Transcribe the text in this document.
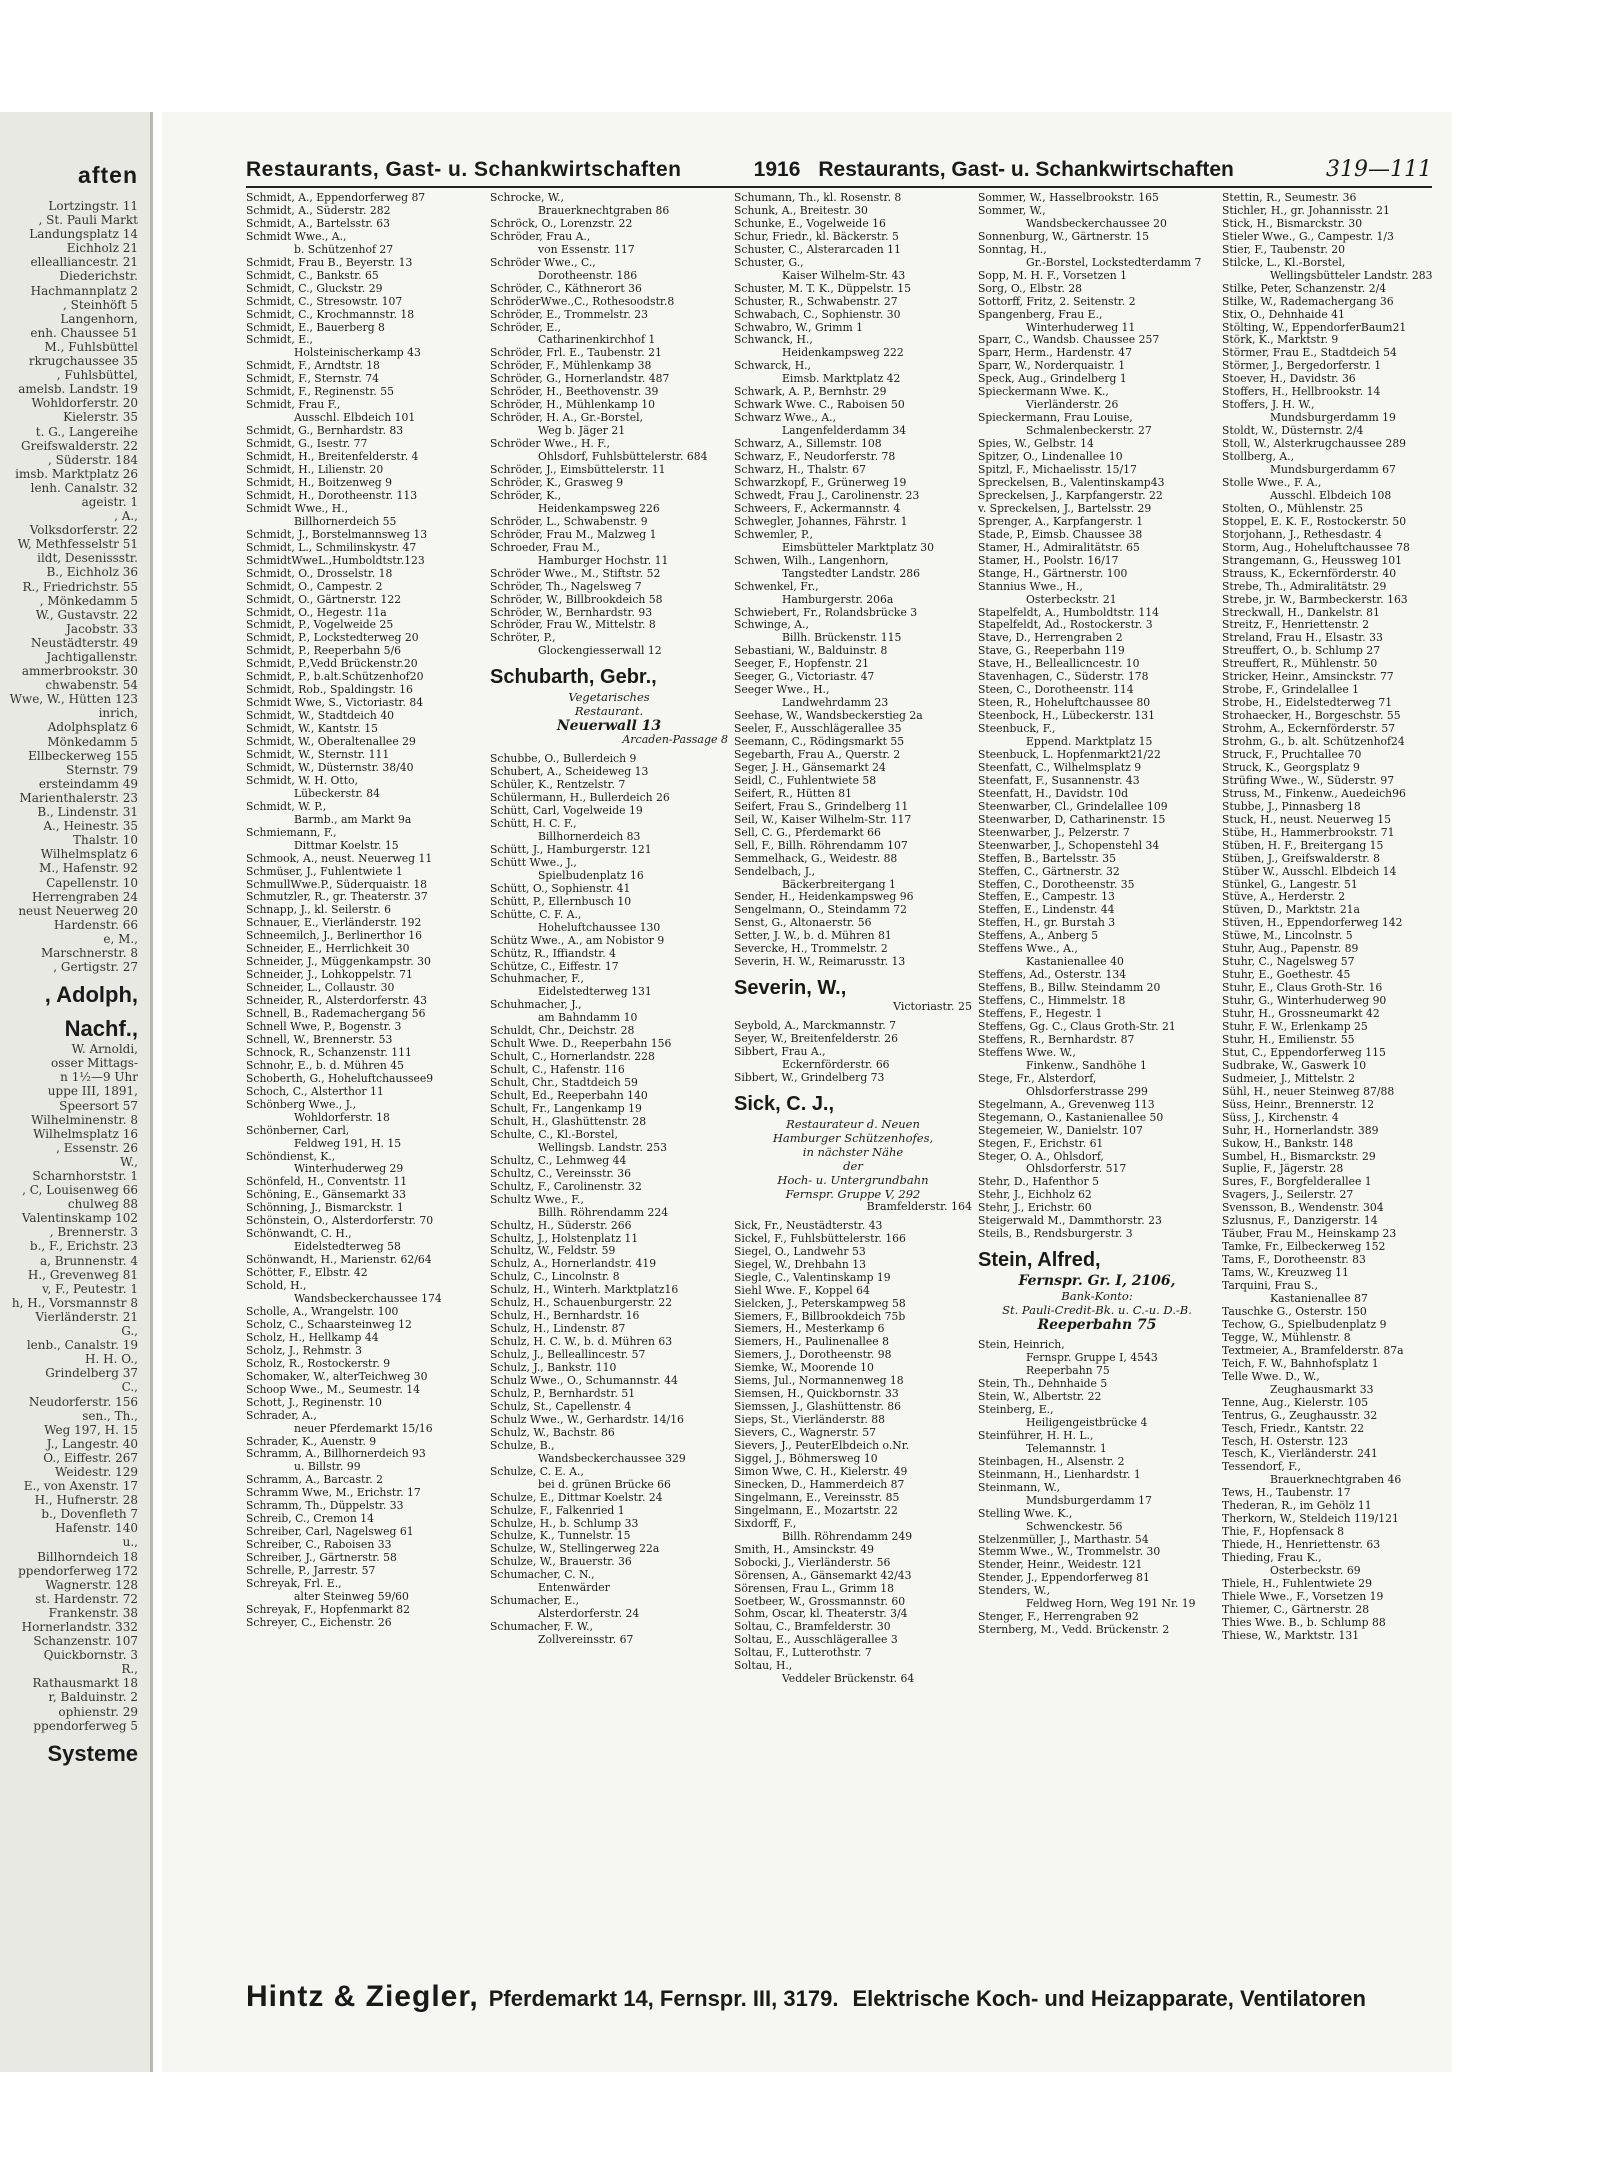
aften
Lortzingstr. 11
, St. Pauli Markt
Landungsplatz 14
Eichholz 21
ellealliancestr. 21
Diederichstr.
Hachmannplatz 2
, Steinhöft 5
Langenhorn,
enh. Chaussee 51
M., Fuhlsbüttel
rkrugchaussee 35
, Fuhlsbüttel,
amelsb. Landstr. 19
Wohldorferstr. 20
Kielerstr. 35
t. G., Langereihe
Greifswalderstr. 22
, Süderstr. 184
imsb. Marktplatz 26
lenh. Canalstr. 32
ageistr. 1
, A.,
Volksdorferstr. 22
W, Methfesselstr 51
ildt, Desenissstr.
B., Eichholz 36
R., Friedrichstr. 55
, Mönkedamm 5
W., Gustavstr. 22
Jacobstr. 33
Neustädterstr. 49
Jachtigallenstr.
ammerbrookstr. 30
chwabenstr. 54
Wwe, W., Hütten 123
inrich,
Adolphsplatz 6
Mönkedamm 5
Ellbeckerweg 155
Sternstr. 79
ersteindamm 49
Marienthalerstr. 23
B., Lindenstr. 31
A., Heinestr. 35
Thalstr. 10
Wilhelmsplatz 6
M., Hafenstr. 92
Capellenstr. 10
Herrengraben 24
neust Neuerweg 20
Hardenstr. 66
e, M.,
Marschnerstr. 8
, Gertigstr. 27
, Adolph,
Nachf.,
W. Arnoldi,
osser Mittags-
n 1½—9 Uhr
uppe III, 1891,
Speersort 57
Wilhelminenstr. 8
Wilhelmsplatz 16
, Essenstr. 26
W.,
Scharnhorststr. 1
, C, Louisenweg 66
chulweg 88
Valentinskamp 102
, Brennerstr. 3
b., F., Erichstr. 23
a, Brunnenstr. 4
H., Grevenweg 81
v, F., Peutestr. 1
h, H., Vorsmannstr 8
Vierländerstr. 21
G.,
lenb., Canalstr. 19
H. H. O.,
Grindelberg 37
C.,
Neudorferstr. 156
sen., Th.,
Weg 197, H. 15
J., Langestr. 40
O., Eiffestr. 267
Weidestr. 129
E., von Axenstr. 17
H., Hufnerstr. 28
b., Dovenfleth 7
Hafenstr. 140
u.,
Billhorndeich 18
ppendorferweg 172
Wagnerstr. 128
st. Hardenstr. 72
Frankenstr. 38
Hornerlandstr. 332
Schanzenstr. 107
Quickbornstr. 3
R.,
Rathausmarkt 18
r, Balduinstr. 2
ophienstr. 29
ppendorferweg 5
Systeme
Restaurants, Gast- u. Schankwirtschaften	1916 Restaurants, Gast- u. Schankwirtschaften	319—111
Schmidt, A., Eppendorferweg 87
Schmidt, A., Süderstr. 282
Schmidt, A., Bartelsstr. 63
Schmidt Wwe., A.,
b. Schützenhof 27
Schmidt, Frau B., Beyerstr. 13
Schmidt, C., Bankstr. 65
Schmidt, C., Gluckstr. 29
Schmidt, C., Stresowstr. 107
Schmidt, C., Krochmannstr. 18
Schmidt, E., Bauerberg 8
Schmidt, E.,
Holsteinischerkamp 43
Schmidt, F., Arndtstr. 18
Schmidt, F., Sternstr. 74
Schmidt, F., Reginenstr. 55
Schmidt, Frau F.,
Ausschl. Elbdeich 101
Schmidt, G., Bernhardstr. 83
Schmidt, G., Isestr. 77
Schmidt, H., Breitenfelderstr. 4
Schmidt, H., Lilienstr. 20
Schmidt, H., Boitzenweg 9
Schmidt, H., Dorotheenstr. 113
Schmidt Wwe., H.,
Billhornerdeich 55
Schmidt, J., Borstelmannsweg 13
Schmidt, L., Schmilinskystr. 47
SchmidtWweL.,Humboldtstr.123
Schmidt, O., Drosselstr. 18
Schmidt, O., Campestr. 2
Schmidt, O., Gärtnerstr. 122
Schmidt, O., Hegestr. 11a
Schmidt, P., Vogelweide 25
Schmidt, P., Lockstedterweg 20
Schmidt, P., Reeperbahn 5/6
Schmidt, P.,Vedd Brückenstr.20
Schmidt, P., b.alt.Schützenhof20
Schmidt, Rob., Spaldingstr. 16
Schmidt Wwe, S., Victoriastr. 84
Schmidt, W., Stadtdeich 40
Schmidt, W., Kantstr. 15
Schmidt, W., Oberaltenallee 29
Schmidt, W., Sternstr. 111
Schmidt, W., Düsternstr. 38/40
Schmidt, W. H. Otto,
Lübeckerstr. 84
Schmidt, W. P.,
Barmb., am Markt 9a
Schmiemann, F.,
Dittmar Koelstr. 15
Schmook, A., neust. Neuerweg 11
Schmüser, J., Fuhlentwiete 1
SchmullWwe.P., Süderquaistr. 18
Schmutzler, R., gr. Theaterstr. 37
Schnapp, J., kl. Seilerstr. 6
Schnauer, E., Vierländerstr. 192
Schneemilch, J., Berlinerthor 16
Schneider, E., Herrlichkeit 30
Schneider, J., Müggenkampstr. 30
Schneider, J., Lohkoppelstr. 71
Schneider, L., Collaustr. 30
Schneider, R., Alsterdorferstr. 43
Schnell, B., Rademachergang 56
Schnell Wwe, P., Bogenstr. 3
Schnell, W., Brennerstr. 53
Schnock, R., Schanzenstr. 111
Schnohr, E., b. d. Mühren 45
Schoberth, G., Hoheluftchaussee9
Schoch, C., Alsterthor 11
Schönberg Wwe., J.,
Wohldorferstr. 18
Schönberner, Carl,
Feldweg 191, H. 15
Schöndienst, K.,
Winterhuderweg 29
Schönfeld, H., Conventstr. 11
Schöning, E., Gänsemarkt 33
Schönning, J., Bismarckstr. 1
Schönstein, O., Alsterdorferstr. 70
Schönwandt, C. H.,
Eidelstedterweg 58
Schönwandt, H., Marienstr. 62/64
Schötter, F., Elbstr. 42
Schold, H.,
Wandsbeckerchaussee 174
Scholle, A., Wrangelstr. 100
Scholz, C., Schaarsteinweg 12
Scholz, H., Hellkamp 44
Scholz, J., Rehmstr. 3
Scholz, R., Rostockerstr. 9
Schomaker, W., alterTeichweg 30
Schoop Wwe., M., Seumestr. 14
Schott, J., Reginenstr. 10
Schrader, A.,
neuer Pferdemarkt 15/16
Schrader, K., Auenstr. 9
Schramm, A., Billhornerdeich 93
u. Billstr. 99
Schramm, A., Barcastr. 2
Schramm Wwe, M., Erichstr. 17
Schramm, Th., Düppelstr. 33
Schreib, C., Cremon 14
Schreiber, Carl, Nagelsweg 61
Schreiber, C., Raboisen 33
Schreiber, J., Gärtnerstr. 58
Schrelle, P., Jarrestr. 57
Schreyak, Frl. E.,
alter Steinweg 59/60
Schreyak, F., Hopfenmarkt 82
Schreyer, C., Eichenstr. 26
Schrocke, W.,
Brauerknechtgraben 86
Schröck, O., Lorenzstr. 22
Schröder, Frau A.,
von Essenstr. 117
Schröder Wwe., C.,
Dorotheenstr. 186
Schröder, C., Käthnerort 36
SchröderWwe.,C., Rothesoodstr.8
Schröder, E., Trommelstr. 23
Schröder, E.,
Catharinenkirchhof 1
Schröder, Frl. E., Taubenstr. 21
Schröder, F., Mühlenkamp 38
Schröder, G., Hornerlandstr. 487
Schröder, H., Beethovenstr. 39
Schröder, H., Mühlenkamp 10
Schröder, H. A., Gr.-Borstel,
Weg b. Jäger 21
Schröder Wwe., H. F.,
Ohlsdorf, Fuhlsbüttelerstr. 684
Schröder, J., Eimsbüttelerstr. 11
Schröder, K., Grasweg 9
Schröder, K.,
Heidenkampsweg 226
Schröder, L., Schwabenstr. 9
Schröder, Frau M., Malzweg 1
Schroeder, Frau M.,
Hamburger Hochstr. 11
Schröder Wwe., M., Stiftstr. 52
Schröder, Th., Nagelsweg 7
Schröder, W., Billbrookdeich 58
Schröder, W., Bernhardstr. 93
Schröder, Frau W., Mittelstr. 8
Schröter, P.,
Glockengiesserwall 12
Schubarth, Gebr.,
Vegetarisches
Restaurant.
Neuerwall 13
Arcaden-Passage 8
Schubbe, O., Bullerdeich 9
Schubert, A., Scheideweg 13
Schüler, K., Rentzelstr. 7
Schülermann, H., Bullerdeich 26
Schütt, Carl, Vogelweide 19
Schütt, H. C. F.,
Billhornerdeich 83
Schütt, J., Hamburgerstr. 121
Schütt Wwe., J.,
Spielbudenplatz 16
Schütt, O., Sophienstr. 41
Schütt, P., Ellernbusch 10
Schütte, C. F. A.,
Hoheluftchaussee 130
Schütz Wwe., A., am Nobistor 9
Schütz, R., Iffiandstr. 4
Schütze, C., Eiffestr. 17
Schuhmacher, F.,
Eidelstedterweg 131
Schuhmacher, J.,
am Bahndamm 10
Schuldt, Chr., Deichstr. 28
Schult Wwe. D., Reeperbahn 156
Schult, C., Hornerlandstr. 228
Schult, C., Hafenstr. 116
Schult, Chr., Stadtdeich 59
Schult, Ed., Reeperbahn 140
Schult, Fr., Langenkamp 19
Schult, H., Glashüttenstr. 28
Schulte, C., Kl.-Borstel,
Wellingsb. Landstr. 253
Schultz, C., Lehmweg 44
Schultz, C., Vereinsstr. 36
Schultz, F., Carolinenstr. 32
Schultz Wwe., F.,
Billh. Röhrendamm 224
Schultz, H., Süderstr. 266
Schultz, J., Holstenplatz 11
Schultz, W., Feldstr. 59
Schulz, A., Hornerlandstr. 419
Schulz, C., Lincolnstr. 8
Schulz, H., Winterh. Marktplatz16
Schulz, H., Schauenburgerstr. 22
Schulz, H., Bernhardstr. 16
Schulz, H., Lindenstr. 87
Schulz, H. C. W., b. d. Mühren 63
Schulz, J., Belleallincestr. 57
Schulz, J., Bankstr. 110
Schulz Wwe., O., Schumannstr. 44
Schulz, P., Bernhardstr. 51
Schulz, St., Capellenstr. 4
Schulz Wwe., W., Gerhardstr. 14/16
Schulz, W., Bachstr. 86
Schulze, B.,
Wandsbeckerchaussee 329
Schulze, C. E. A.,
bei d. grünen Brücke 66
Schulze, E., Dittmar Koelstr. 24
Schulze, F., Falkenried 1
Schulze, H., b. Schlump 33
Schulze, K., Tunnelstr. 15
Schulze, W., Stellingerweg 22a
Schulze, W., Brauerstr. 36
Schumacher, C. N.,
Entenwärder
Schumacher, E.,
Alsterdorferstr. 24
Schumacher, F. W.,
Zollvereinsstr. 67
Schumann, Th., kl. Rosenstr. 8
Schunk, A., Breitestr. 30
Schunke, E., Vogelweide 16
Schur, Friedr., kl. Bäckerstr. 5
Schuster, C., Alsterarcaden 11
Schuster, G.,
Kaiser Wilhelm-Str. 43
Schuster, M. T. K., Düppelstr. 15
Schuster, R., Schwabenstr. 27
Schwabach, C., Sophienstr. 30
Schwabro, W., Grimm 1
Schwanck, H.,
Heidenkampsweg 222
Schwarck, H.,
Eimsb. Marktplatz 42
Schwark, A. P., Bernhstr. 29
Schwark Wwe. C., Raboisen 50
Schwarz Wwe., A.,
Langenfelderdamm 34
Schwarz, A., Sillemstr. 108
Schwarz, F., Neudorferstr. 78
Schwarz, H., Thalstr. 67
Schwarzkopf, F., Grünerweg 19
Schwedt, Frau J., Carolinenstr. 23
Schweers, F., Ackermannstr. 4
Schwegler, Johannes, Fährstr. 1
Schwemler, P.,
Eimsbütteler Marktplatz 30
Schwen, Wilh., Langenhorn,
Tangstedter Landstr. 286
Schwenkel, Fr.,
Hamburgerstr. 206a
Schwiebert, Fr., Rolandsbrücke 3
Schwinge, A.,
Billh. Brückenstr. 115
Sebastiani, W., Balduinstr. 8
Seeger, F., Hopfenstr. 21
Seeger, G., Victoriastr. 47
Seeger Wwe., H.,
Landwehrdamm 23
Seehase, W., Wandsbeckerstieg 2a
Seeler, F., Ausschlägerallee 35
Seemann, C., Rödingsmarkt 55
Segebarth, Frau A., Querstr. 2
Seger, J. H., Gänsemarkt 24
Seidl, C., Fuhlentwiete 58
Seifert, R., Hütten 81
Seifert, Frau S., Grindelberg 11
Seil, W., Kaiser Wilhelm-Str. 117
Sell, C. G., Pferdemarkt 66
Sell, F., Billh. Röhrendamm 107
Semmelhack, G., Weidestr. 88
Sendelbach, J.,
Bäckerbreitergang 1
Sender, H., Heidenkampsweg 96
Sengelmann, O., Steindamm 72
Senst, G., Altonaerstr. 56
Setter, J. W., b. d. Mühren 81
Severcke, H., Trommelstr. 2
Severin, H. W., Reimarusstr. 13
Severin, W.,
Victoriastr. 25
Seybold, A., Marckmannstr. 7
Seyer, W., Breitenfelderstr. 26
Sibbert, Frau A.,
Eckernförderstr. 66
Sibbert, W., Grindelberg 73
Sick, C. J.,
Restaurateur d. Neuen
Hamburger Schützenhofes,
in nächster Nähe
der
Hoch- u. Untergrundbahn
Fernspr. Gruppe V, 292
Bramfelderstr. 164
Sick, Fr., Neustädterstr. 43
Sickel, F., Fuhlsbüttelerstr. 166
Siegel, O., Landwehr 53
Siegel, W., Drehbahn 13
Siegle, C., Valentinskamp 19
Siehl Wwe. F., Koppel 64
Sielcken, J., Peterskampweg 58
Siemers, F., Billbrookdeich 75b
Siemers, H., Mesterkamp 6
Siemers, H., Paulinenallee 8
Siemers, J., Dorotheenstr. 98
Siemke, W., Moorende 10
Siems, Jul., Normannenweg 18
Siemsen, H., Quickbornstr. 33
Siemssen, J., Glashüttenstr. 86
Sieps, St., Vierländerstr. 88
Sievers, C., Wagnerstr. 57
Sievers, J., PeuterElbdeich o.Nr.
Siggel, J., Böhmersweg 10
Simon Wwe, C. H., Kielerstr. 49
Sinecken, D., Hammerdeich 87
Singelmann, E., Vereinsstr. 85
Singelmann, E., Mozartstr. 22
Sixdorff, F.,
Billh. Röhrendamm 249
Smith, H., Amsinckstr. 49
Sobocki, J., Vierländerstr. 56
Sörensen, A., Gänsemarkt 42/43
Sörensen, Frau L., Grimm 18
Soetbeer, W., Grossmannstr. 60
Sohm, Oscar, kl. Theaterstr. 3/4
Soltau, C., Bramfelderstr. 30
Soltau, E., Ausschlägerallee 3
Soltau, F., Lutterothstr. 7
Soltau, H.,
Veddeler Brückenstr. 64
Sommer, W., Hasselbrookstr. 165
Sommer, W.,
Wandsbeckerchaussee 20
Sonnenburg, W., Gärtnerstr. 15
Sonntag, H.,
Gr.-Borstel, Lockstedterdamm 7
Sopp, M. H. F., Vorsetzen 1
Sorg, O., Elbstr. 28
Sottorff, Fritz, 2. Seitenstr. 2
Spangenberg, Frau E.,
Winterhuderweg 11
Sparr, C., Wandsb. Chaussee 257
Sparr, Herm., Hardenstr. 47
Sparr, W., Norderquaistr. 1
Speck, Aug., Grindelberg 1
Spieckermann Wwe. K.,
Vierländerstr. 26
Spieckermann, Frau Louise,
Schmalenbeckerstr. 27
Spies, W., Gelbstr. 14
Spitzer, O., Lindenallee 10
Spitzl, F., Michaelisstr. 15/17
Spreckelsen, B., Valentinskamp43
Spreckelsen, J., Karpfangerstr. 22
v. Spreckelsen, J., Bartelsstr. 29
Sprenger, A., Karpfangerstr. 1
Stade, P., Eimsb. Chaussee 38
Stamer, H., Admiralitätstr. 65
Stamer, H., Poolstr. 16/17
Stange, H., Gärtnerstr. 100
Stannius Wwe., H.,
Osterbeckstr. 21
Stapelfeldt, A., Humboldtstr. 114
Stapelfeldt, Ad., Rostockerstr. 3
Stave, D., Herrengraben 2
Stave, G., Reeperbahn 119
Stave, H., Belleallicncestr. 10
Stavenhagen, C., Süderstr. 178
Steen, C., Dorotheenstr. 114
Steen, R., Hoheluftchaussee 80
Steenbock, H., Lübeckerstr. 131
Steenbuck, F.,
Eppend. Marktplatz 15
Steenbuck, L. Hopfenmarkt21/22
Steenfatt, C., Wilhelmsplatz 9
Steenfatt, F., Susannenstr. 43
Steenfatt, H., Davidstr. 10d
Steenwarber, Cl., Grindelallee 109
Steenwarber, D, Catharinenstr. 15
Steenwarber, J., Pelzerstr. 7
Steenwarber, J., Schopenstehl 34
Steffen, B., Bartelsstr. 35
Steffen, C., Gärtnerstr. 32
Steffen, C., Dorotheenstr. 35
Steffen, E., Campestr. 13
Steffen, E., Lindenstr. 44
Steffen, H., gr. Burstah 3
Steffens, A., Anberg 5
Steffens Wwe., A.,
Kastanienallee 40
Steffens, Ad., Osterstr. 134
Steffens, B., Billw. Steindamm 20
Steffens, C., Himmelstr. 18
Steffens, F., Hegestr. 1
Steffens, Gg. C., Claus Groth-Str. 21
Steffens, R., Bernhardstr. 87
Steffens Wwe. W.,
Finkenw., Sandhöhe 1
Stege, Fr., Alsterdorf,
Ohlsdorferstrasse 299
Stegelmann, A., Grevenweg 113
Stegemann, O., Kastanienallee 50
Stegemeier, W., Danielstr. 107
Stegen, F., Erichstr. 61
Steger, O. A., Ohlsdorf,
Ohlsdorferstr. 517
Stehr, D., Hafenthor 5
Stehr, J., Eichholz 62
Stehr, J., Erichstr. 60
Steigerwald M., Dammthorstr. 23
Steils, B., Rendsburgerstr. 3
Stein, Alfred,
Fernspr. Gr. I, 2106,
Bank-Konto:
St. Pauli-Credit-Bk. u. C.-u. D.-B.
Reeperbahn 75
Stein, Heinrich,
Fernspr. Gruppe I, 4543
Reeperbahn 75
Stein, Th., Dehnhaide 5
Stein, W., Albertstr. 22
Steinberg, E.,
Heiligengeistbrücke 4
Steinführer, H. H. L.,
Telemannstr. 1
Steinbagen, H., Alsenstr. 2
Steinmann, H., Lienhardstr. 1
Steinmann, W.,
Mundsburgerdamm 17
Stelling Wwe. K.,
Schwenckestr. 56
Stelzenmüller, J., Marthastr. 54
Stemm Wwe., W., Trommelstr. 30
Stender, Heinr., Weidestr. 121
Stender, J., Eppendorferweg 81
Stenders, W.,
Feldweg Horn, Weg 191 Nr. 19
Stenger, F., Herrengraben 92
Sternberg, M., Vedd. Brückenstr. 2
Stettin, R., Seumestr. 36
Stichler, H., gr. Johannisstr. 21
Stick, H., Bismarckstr. 30
Stieler Wwe., G., Campestr. 1/3
Stier, F., Taubenstr. 20
Stilcke, L., Kl.-Borstel,
Wellingsbütteler Landstr. 283
Stilke, Peter, Schanzenstr. 2/4
Stilke, W., Rademachergang 36
Stix, O., Dehnhaide 41
Stölting, W., EppendorferBaum21
Störk, K., Marktstr. 9
Störmer, Frau E., Stadtdeich 54
Störmer, J., Bergedorferstr. 1
Stoever, H., Davidstr. 36
Stoffers, H., Hellbrookstr. 14
Stoffers, J. H. W.,
Mundsburgerdamm 19
Stoldt, W., Düsternstr. 2/4
Stoll, W., Alsterkrugchaussee 289
Stollberg, A.,
Mundsburgerdamm 67
Stolle Wwe., F. A.,
Ausschl. Elbdeich 108
Stolten, O., Mühlenstr. 25
Stoppel, E. K. F., Rostockerstr. 50
Storjohann, J., Rethesdastr. 4
Storm, Aug., Hoheluftchaussee 78
Strangemann, G., Heussweg 101
Strauss, K., Eckernförderstr. 40
Strebe, Th., Admiralitätstr. 29
Strebe, jr. W., Barmbeckerstr. 163
Streckwall, H., Dankelstr. 81
Streitz, F., Henriettenstr. 2
Streland, Frau H., Elsastr. 33
Streuffert, O., b. Schlump 27
Streuffert, R., Mühlenstr. 50
Stricker, Heinr., Amsinckstr. 77
Strobe, F., Grindelallee 1
Strobe, H., Eidelstedterweg 71
Strohaecker, H., Borgeschstr. 55
Strohm, A., Eckernförderstr. 57
Strohm, G., b. alt. Schützenhof24
Struck, F., Pruchtallee 70
Struck, K., Georgsplatz 9
Strüfing Wwe., W., Süderstr. 97
Struss, M., Finkenw., Auedeich96
Stubbe, J., Pinnasberg 18
Stuck, H., neust. Neuerweg 15
Stübe, H., Hammerbrookstr. 71
Stüben, H. F., Breitergang 15
Stüben, J., Greifswalderstr. 8
Stüber W., Ausschl. Elbdeich 14
Stünkel, G., Langestr. 51
Stüve, A., Herderstr. 2
Stüven, D., Marktstr. 21a
Stüven, H., Eppendorferweg 142
Stüwe, M., Lincolnstr. 5
Stuhr, Aug., Papenstr. 89
Stuhr, C., Nagelsweg 57
Stuhr, E., Goethestr. 45
Stuhr, E., Claus Groth-Str. 16
Stuhr, G., Winterhuderweg 90
Stuhr, H., Grossneumarkt 42
Stuhr, F. W., Erlenkamp 25
Stuhr, H., Emilienstr. 55
Stut, C., Eppendorferweg 115
Sudbrake, W., Gaswerk 10
Sudmeier, J., Mittelstr. 2
Sühl, H., neuer Steinweg 87/88
Süss, Heinr., Brennerstr. 12
Süss, J., Kirchenstr. 4
Suhr, H., Hornerlandstr. 389
Sukow, H., Bankstr. 148
Sumbel, H., Bismarckstr. 29
Suplie, F., Jägerstr. 28
Sures, F., Borgfelderallee 1
Svagers, J., Seilerstr. 27
Svensson, B., Wendenstr. 304
Szlusnus, F., Danzigerstr. 14
Täuber, Frau M., Heinskamp 23
Tamke, Fr., Eilbeckerweg 152
Tams, F., Dorotheenstr. 83
Tams, W., Kreuzweg 11
Tarquini, Frau S.,
Kastanienallee 87
Tauschke G., Osterstr. 150
Techow, G., Spielbudenplatz 9
Tegge, W., Mühlenstr. 8
Textmeier, A., Bramfelderstr. 87a
Teich, F. W., Bahnhofsplatz 1
Telle Wwe. D., W.,
Zeughausmarkt 33
Tenne, Aug., Kielerstr. 105
Tentrus, G., Zeughausstr. 32
Tesch, Friedr., Kantstr. 22
Tesch, H. Osterstr. 123
Tesch, K., Vierländerstr. 241
Tessendorf, F.,
Brauerknechtgraben 46
Tews, H., Taubenstr. 17
Thederan, R., im Gehölz 11
Therkorn, W., Steldeich 119/121
Thie, F., Hopfensack 8
Thiede, H., Henriettenstr. 63
Thieding, Frau K.,
Osterbeckstr. 69
Thiele, H., Fuhlentwiete 29
Thiele Wwe., F., Vorsetzen 19
Thiemer, C., Gärtnerstr. 28
Thies Wwe. B., b. Schlump 88
Thiese, W., Marktstr. 131
Hintz & Ziegler, Pferdemarkt 14, Fernspr. III, 3179. Elektrische Koch- und Heizapparate, Ventilatoren
